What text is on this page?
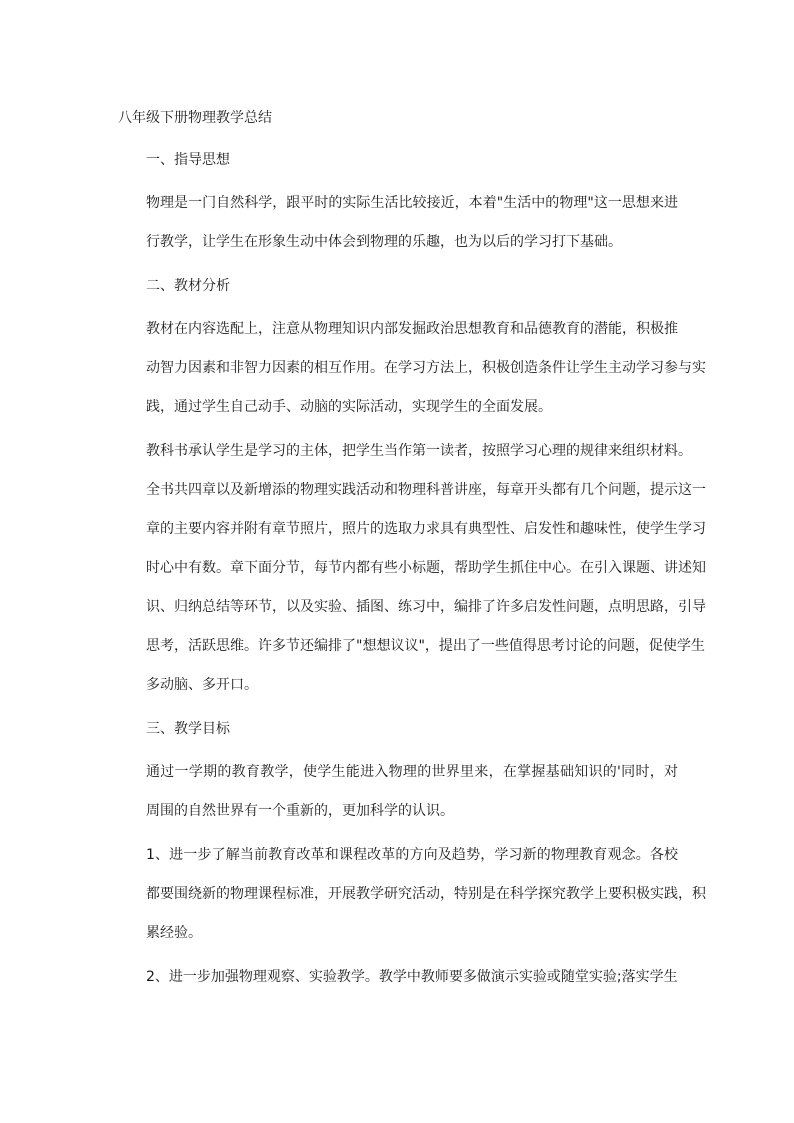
八年级下册物理教学总结
一、指导思想
物理是一门自然科学，跟平时的实际生活比较接近，本着"生活中的物理"这一思想来进
行教学，让学生在形象生动中体会到物理的乐趣，也为以后的学习打下基础。
二、教材分析
教材在内容选配上，注意从物理知识内部发掘政治思想教育和品德教育的潜能，积极推
动智力因素和非智力因素的相互作用。在学习方法上，积极创造条件让学生主动学习参与实
践，通过学生自己动手、动脑的实际活动，实现学生的全面发展。
教科书承认学生是学习的主体，把学生当作第一读者，按照学习心理的规律来组织材料。
全书共四章以及新增添的物理实践活动和物理科普讲座，每章开头都有几个问题，提示这一
章的主要内容并附有章节照片，照片的选取力求具有典型性、启发性和趣味性，使学生学习
时心中有数。章下面分节，每节内都有些小标题，帮助学生抓住中心。在引入课题、讲述知
识、归纳总结等环节，以及实验、插图、练习中，编排了许多启发性问题，点明思路，引导
思考，活跃思维。许多节还编排了"想想议议"，提出了一些值得思考讨论的问题，促使学生
多动脑、多开口。
三、教学目标
通过一学期的教育教学，使学生能进入物理的世界里来，在掌握基础知识的'同时，对
周围的自然世界有一个重新的，更加科学的认识。
1、进一步了解当前教育改革和课程改革的方向及趋势，学习新的物理教育观念。各校
都要围绕新的物理课程标准，开展教学研究活动，特别是在科学探究教学上要积极实践，积
累经验。
2、进一步加强物理观察、实验教学。教学中教师要多做演示实验或随堂实验;落实学生
